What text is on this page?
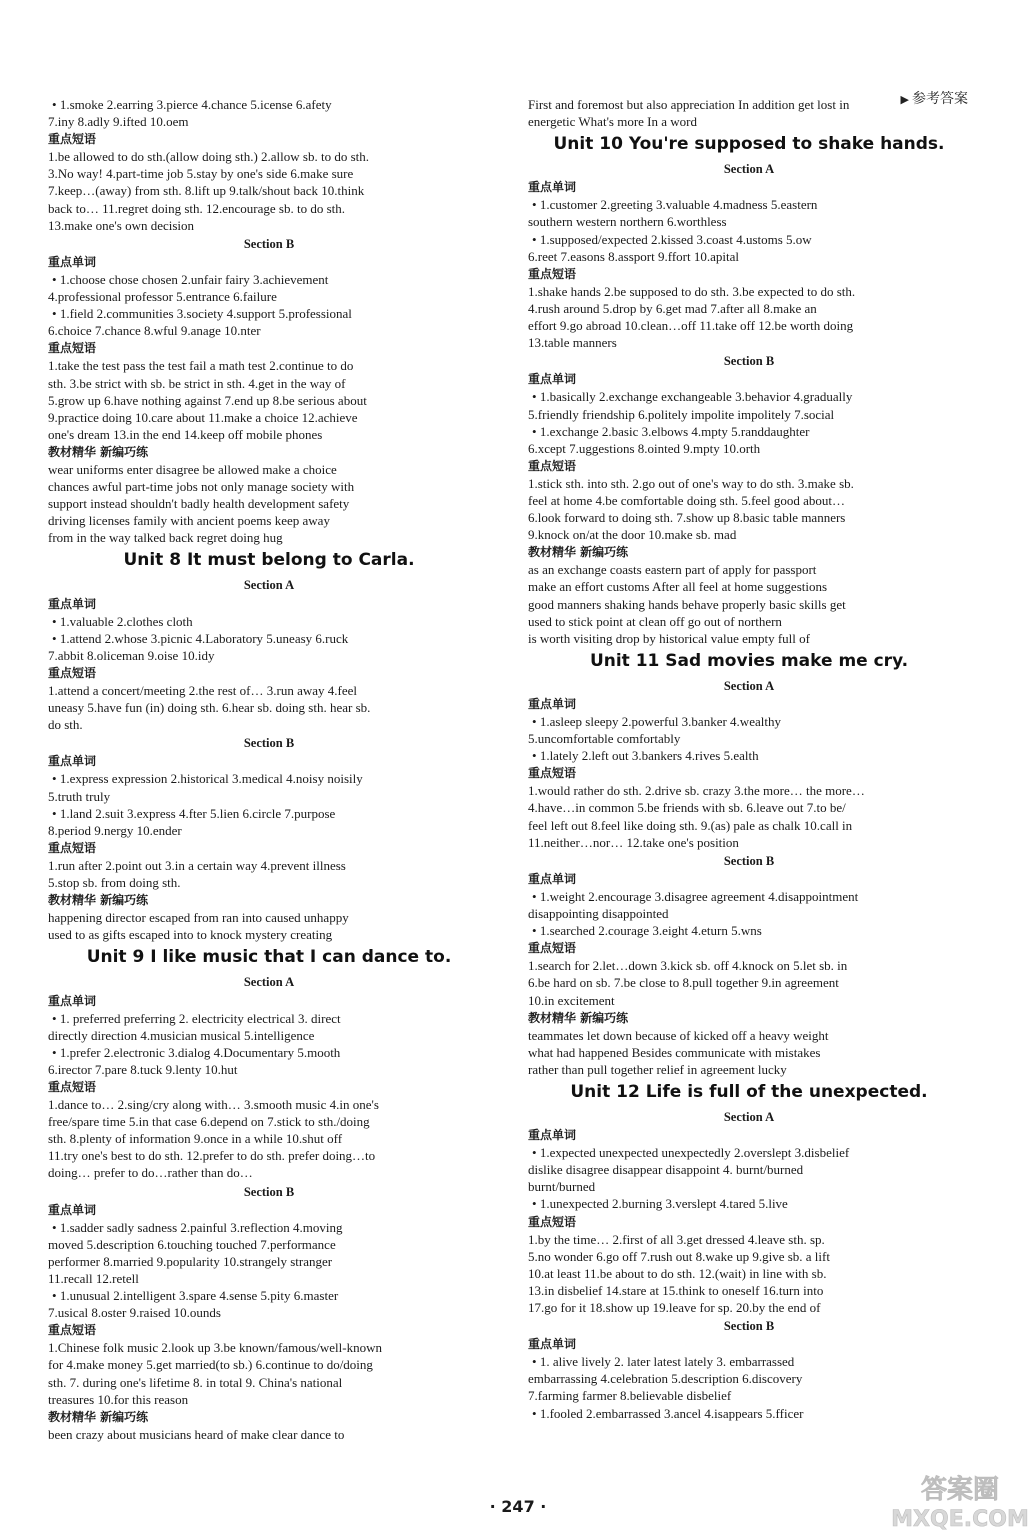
▶ 参考答案
• 1.smoke 2.earring 3.pierce 4.chance 5.icense 6.afety
7.iny 8.adly 9.ifted 10.oem
重点短语
1.be allowed to do sth.(allow doing sth.) 2.allow sb. to do sth.
3.No way! 4.part-time job 5.stay by one's side 6.make sure
7.keep…(away) from sth. 8.lift up 9.talk/shout back 10.think
back to… 11.regret doing sth. 12.encourage sb. to do sth.
13.make one's own decision
Section B
重点单词
• 1.choose chose chosen 2.unfair fairy 3.achievement
4.professional professor 5.entrance 6.failure
• 1.field 2.communities 3.society 4.support 5.professional
6.choice 7.chance 8.wful 9.anage 10.nter
重点短语
1.take the test pass the test fail a math test 2.continue to do
sth. 3.be strict with sb. be strict in sth. 4.get in the way of
5.grow up 6.have nothing against 7.end up 8.be serious about
9.practice doing 10.care about 11.make a choice 12.achieve
one's dream 13.in the end 14.keep off mobile phones
教材精华 新编巧练
wear uniforms enter disagree be allowed make a choice
chances awful part-time jobs not only manage society with
support instead shouldn't badly health development safety
driving licenses family with ancient poems keep away
from in the way talked back regret doing hug
Unit 8 It must belong to Carla.
Section A
重点单词
• 1.valuable 2.clothes cloth
• 1.attend 2.whose 3.picnic 4.Laboratory 5.uneasy 6.ruck
7.abbit 8.oliceman 9.oise 10.idy
重点短语
1.attend a concert/meeting 2.the rest of… 3.run away 4.feel
uneasy 5.have fun (in) doing sth. 6.hear sb. doing sth. hear sb.
do sth.
Section B
重点单词
• 1.express expression 2.historical 3.medical 4.noisy noisily
5.truth truly
• 1.land 2.suit 3.express 4.fter 5.lien 6.circle 7.purpose
8.period 9.nergy 10.ender
重点短语
1.run after 2.point out 3.in a certain way 4.prevent illness
5.stop sb. from doing sth.
教材精华 新编巧练
happening director escaped from ran into caused unhappy
used to as gifts escaped into to knock mystery creating
Unit 9 I like music that I can dance to.
Section A
重点单词
• 1. preferred preferring 2. electricity electrical 3. direct
directly direction 4.musician musical 5.intelligence
• 1.prefer 2.electronic 3.dialog 4.Documentary 5.mooth
6.irector 7.pare 8.tuck 9.lenty 10.hut
重点短语
1.dance to… 2.sing/cry along with… 3.smooth music 4.in one's
free/spare time 5.in that case 6.depend on 7.stick to sth./doing
sth. 8.plenty of information 9.once in a while 10.shut off
11.try one's best to do sth. 12.prefer to do sth. prefer doing…to
doing… prefer to do…rather than do…
Section B
重点单词
• 1.sadder sadly sadness 2.painful 3.reflection 4.moving
moved 5.description 6.touching touched 7.performance
performer 8.married 9.popularity 10.strangely stranger
11.recall 12.retell
• 1.unusual 2.intelligent 3.spare 4.sense 5.pity 6.master
7.usical 8.oster 9.raised 10.ounds
重点短语
1.Chinese folk music 2.look up 3.be known/famous/well-known
for 4.make money 5.get married(to sb.) 6.continue to do/doing
sth. 7. during one's lifetime 8. in total 9. China's national
treasures 10.for this reason
教材精华 新编巧练
been crazy about musicians heard of make clear dance to
First and foremost but also appreciation In addition get lost in
energetic What's more In a word
Unit 10 You're supposed to shake hands.
Section A
重点单词
• 1.customer 2.greeting 3.valuable 4.madness 5.eastern
southern western northern 6.worthless
• 1.supposed/expected 2.kissed 3.coast 4.ustoms 5.ow
6.reet 7.easons 8.assport 9.ffort 10.apital
重点短语
1.shake hands 2.be supposed to do sth. 3.be expected to do sth.
4.rush around 5.drop by 6.get mad 7.after all 8.make an
effort 9.go abroad 10.clean…off 11.take off 12.be worth doing
13.table manners
Section B
重点单词
• 1.basically 2.exchange exchangeable 3.behavior 4.gradually
5.friendly friendship 6.politely impolite impolitely 7.social
• 1.exchange 2.basic 3.elbows 4.mpty 5.randdaughter
6.xcept 7.uggestions 8.ointed 9.mpty 10.orth
重点短语
1.stick sth. into sth. 2.go out of one's way to do sth. 3.make sb.
feel at home 4.be comfortable doing sth. 5.feel good about…
6.look forward to doing sth. 7.show up 8.basic table manners
9.knock on/at the door 10.make sb. mad
教材精华 新编巧练
as an exchange coasts eastern part of apply for passport
make an effort customs After all feel at home suggestions
good manners shaking hands behave properly basic skills get
used to stick point at clean off go out of northern
is worth visiting drop by historical value empty full of
Unit 11 Sad movies make me cry.
Section A
重点单词
• 1.asleep sleepy 2.powerful 3.banker 4.wealthy
5.uncomfortable comfortably
• 1.lately 2.left out 3.bankers 4.rives 5.ealth
重点短语
1.would rather do sth. 2.drive sb. crazy 3.the more… the more…
4.have…in common 5.be friends with sb. 6.leave out 7.to be/
feel left out 8.feel like doing sth. 9.(as) pale as chalk 10.call in
11.neither…nor… 12.take one's position
Section B
重点单词
• 1.weight 2.encourage 3.disagree agreement 4.disappointment
disappointing disappointed
• 1.searched 2.courage 3.eight 4.eturn 5.wns
重点短语
1.search for 2.let…down 3.kick sb. off 4.knock on 5.let sb. in
6.be hard on sb. 7.be close to 8.pull together 9.in agreement
10.in excitement
教材精华 新编巧练
teammates let down because of kicked off a heavy weight
what had happened Besides communicate with mistakes
rather than pull together relief in agreement lucky
Unit 12 Life is full of the unexpected.
Section A
重点单词
• 1.expected unexpected unexpectedly 2.overslept 3.disbelief
dislike disagree disappear disappoint 4. burnt/burned
burnt/burned
• 1.unexpected 2.burning 3.verslept 4.tared 5.live
重点短语
1.by the time… 2.first of all 3.get dressed 4.leave sth. sp.
5.no wonder 6.go off 7.rush out 8.wake up 9.give sb. a lift
10.at least 11.be about to do sth. 12.(wait) in line with sb.
13.in disbelief 14.stare at 15.think to oneself 16.turn into
17.go for it 18.show up 19.leave for sp. 20.by the end of
Section B
重点单词
• 1. alive lively 2. later latest lately 3. embarrassed
embarrassing 4.celebration 5.description 6.discovery
7.farming farmer 8.believable disbelief
• 1.fooled 2.embarrassed 3.ancel 4.isappears 5.fficer
· 247 ·
答案圈
MXQE.COM
